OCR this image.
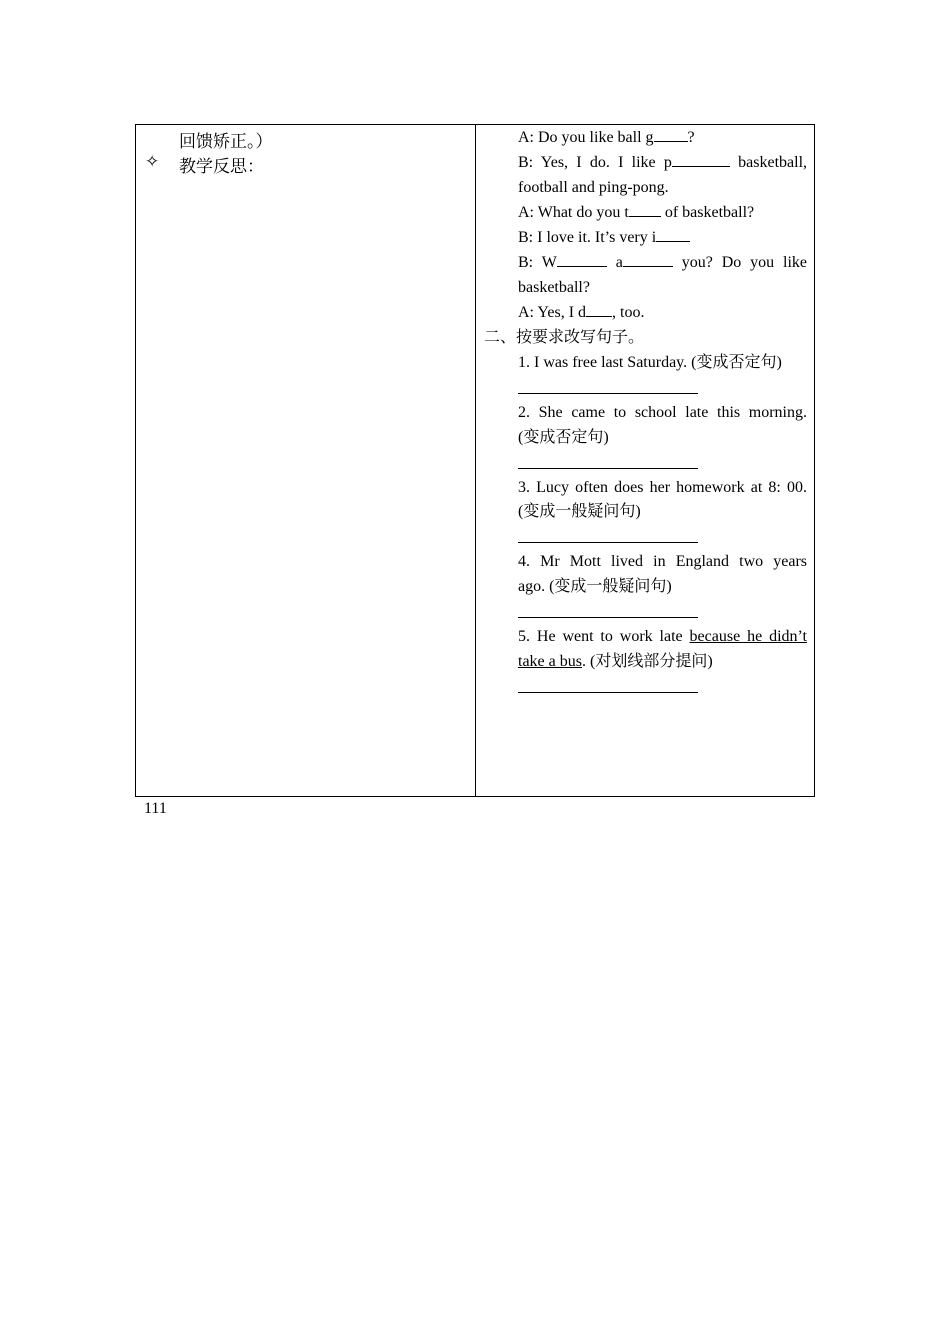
回馈矫正。）
✧ 教学反思：
A: Do you like ball g ?
B: Yes, I do. I like p	basketball,
football and ping-pong.
A: What do you t of basketball?
B: I love it. It’s very i
B: W	a	you? Do you like
basketball?
A: Yes, I d , too.
二、按要求改写句子。
1. I was free last Saturday. (变成否定句)
2. She came to school late this morning.
(变成否定句)
3. Lucy often does her homework at 8: 00.
(变成一般疑问句)
4. Mr Mott lived in England two years
ago. (变成一般疑问句)
5. He went to work late because he didn’t
take a bus. (对划线部分提问)
111
